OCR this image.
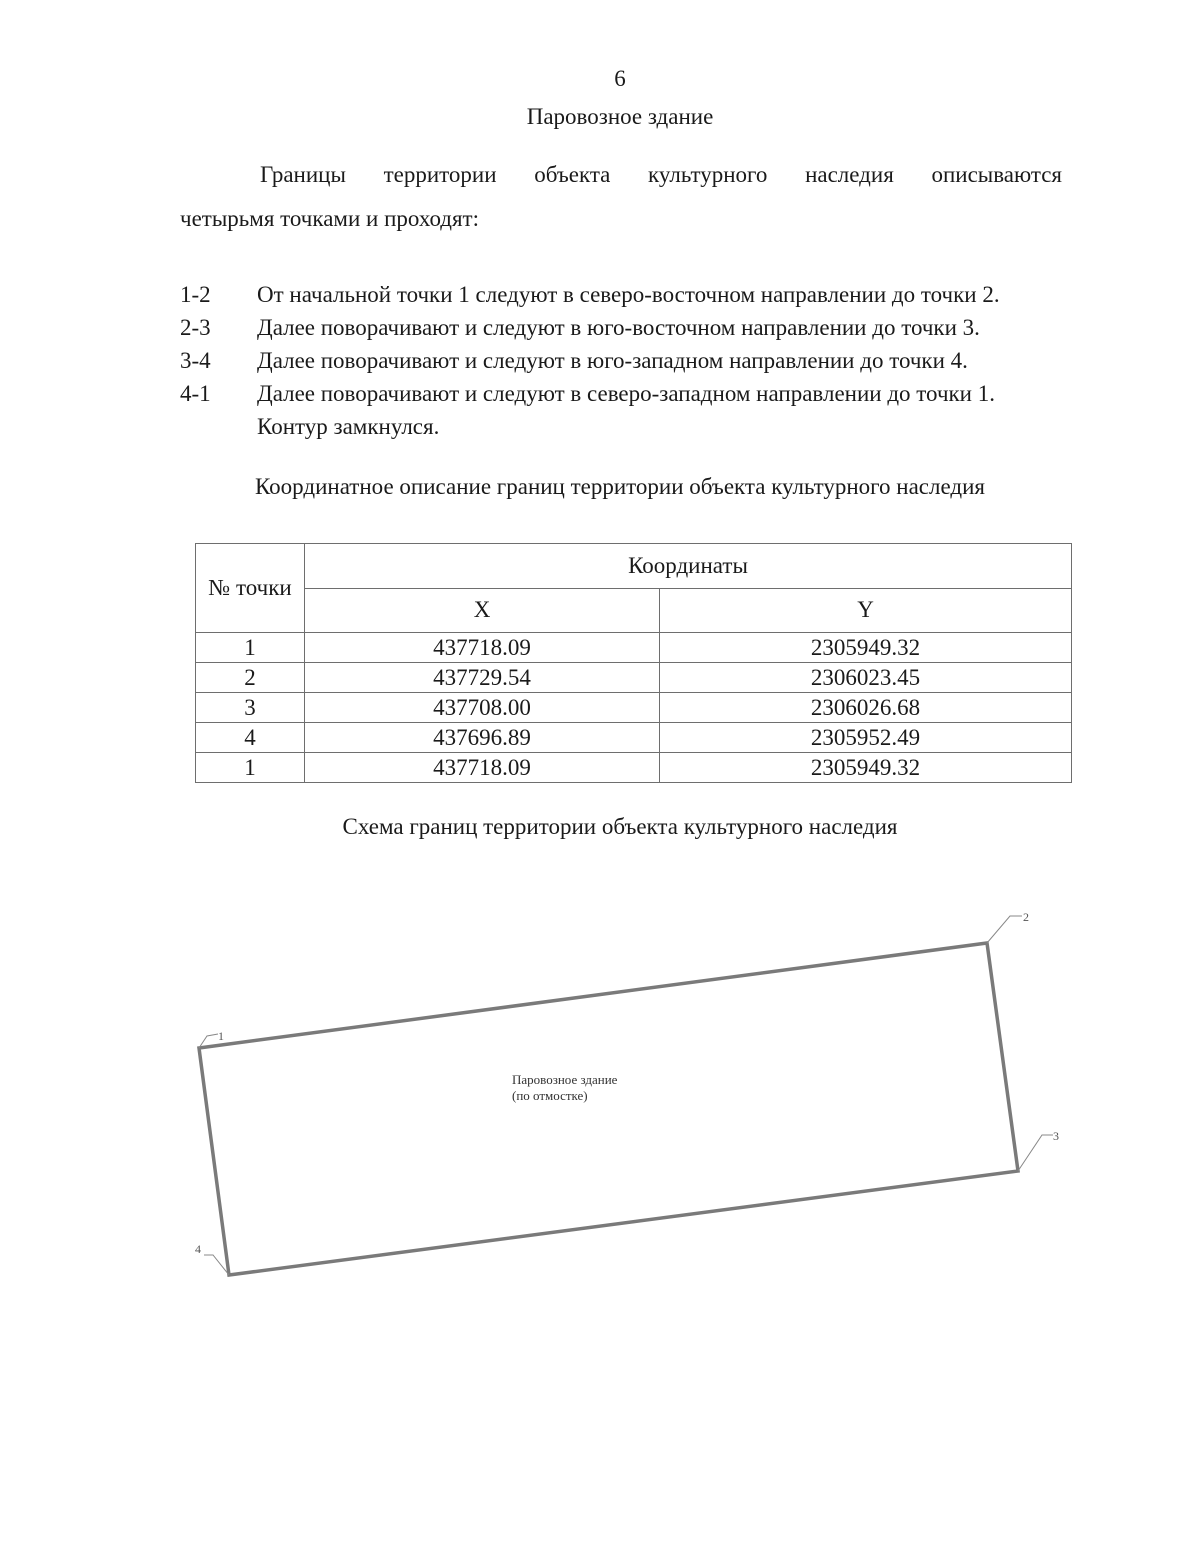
6
Паровозное здание
Границы территории объекта культурного наследия описываются
четырьмя точками и проходят:
1-2	От начальной точки 1 следуют в северо-восточном направлении до точки 2.
2-3	Далее поворачивают и следуют в юго-восточном направлении до точки 3.
3-4	Далее поворачивают и следуют в юго-западном направлении до точки 4.
4-1	Далее поворачивают и следуют в северо-западном направлении до точки 1.
Контур замкнулся.
Координатное описание границ территории объекта культурного наследия
№ точки	Координаты	
	X	Y
1	437718.09	2305949.32
2	437729.54	2306023.45
3	437708.00	2306026.68
4	437696.89	2305952.49
1	437718.09	2305949.32
Схема границ территории объекта культурного наследия
1
2
3
4
Паровозное здание
(по отмостке)
